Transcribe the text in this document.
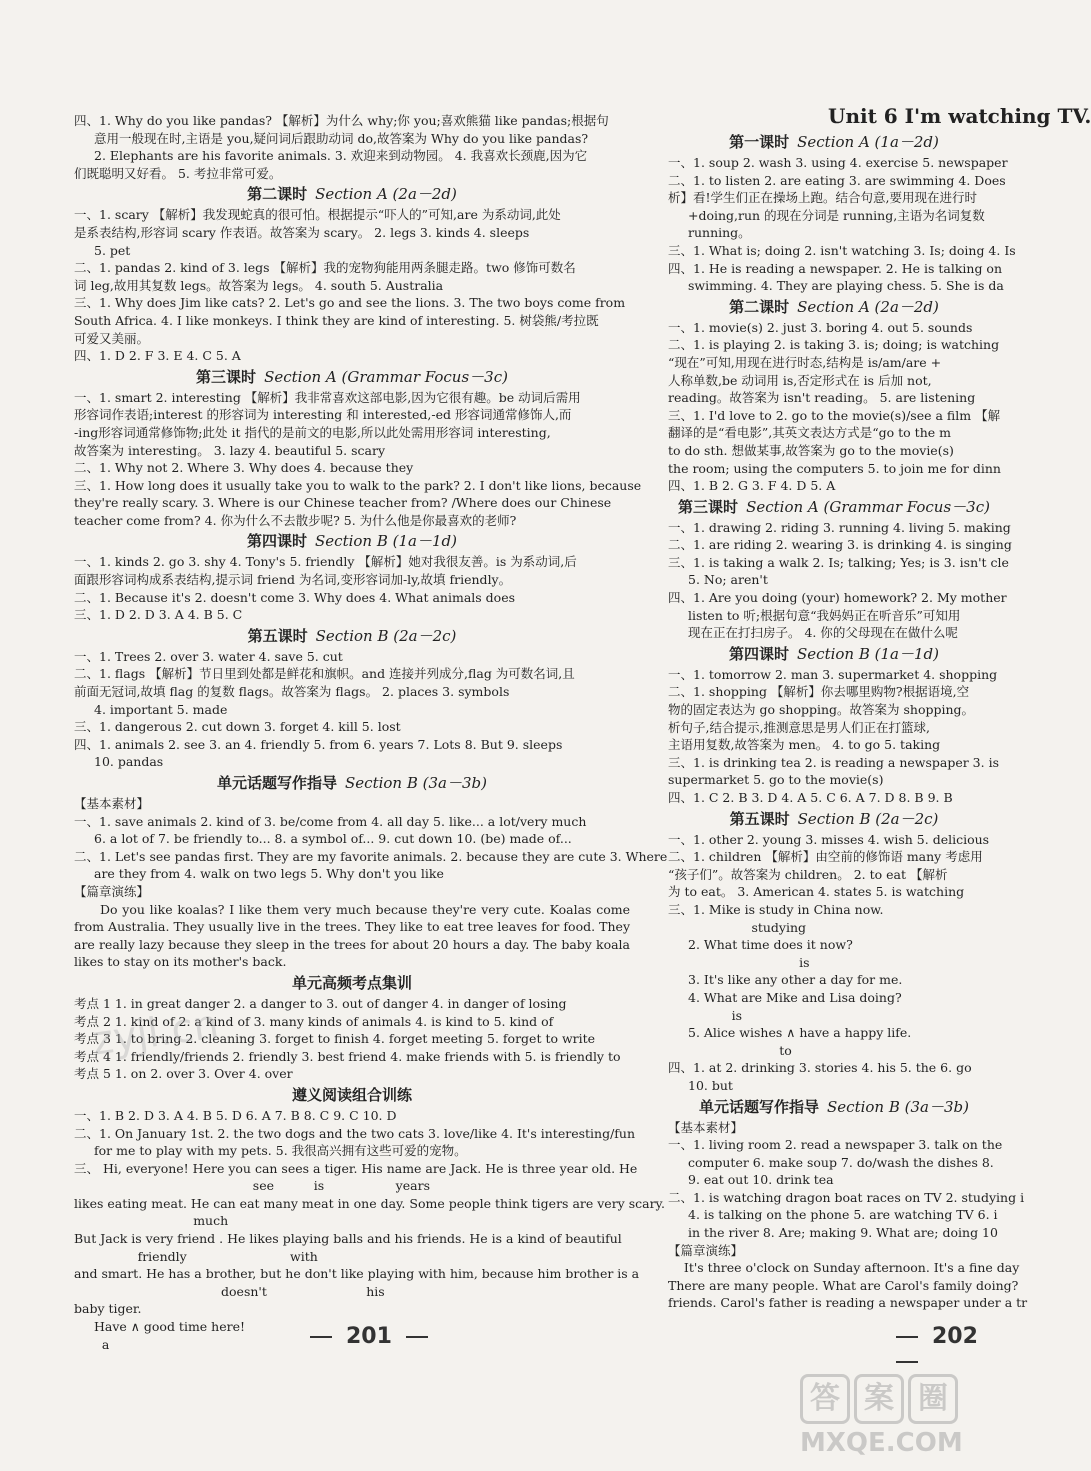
四、1. Why do you like pandas? 【解析】为什么 why;你 you;喜欢熊猫 like pandas;根据句
意用一般现在时,主语是 you,疑问词后跟助动词 do,故答案为 Why do you like pandas?
2. Elephants are his favorite animals. 3. 欢迎来到动物园。 4. 我喜欢长颈鹿,因为它
们既聪明又好看。 5. 考拉非常可爱。
第二课时 Section A (2a－2d)
一、1. scary 【解析】我发现蛇真的很可怕。根据提示“吓人的”可知,are 为系动词,此处
是系表结构,形容词 scary 作表语。故答案为 scary。 2. legs 3. kinds 4. sleeps
5. pet
二、1. pandas 2. kind of 3. legs 【解析】我的宠物狗能用两条腿走路。two 修饰可数名
词 leg,故用其复数 legs。故答案为 legs。 4. south 5. Australia
三、1. Why does Jim like cats? 2. Let's go and see the lions. 3. The two boys come from
South Africa. 4. I like monkeys. I think they are kind of interesting. 5. 树袋熊/考拉既
可爱又美丽。
四、1. D 2. F 3. E 4. C 5. A
第三课时 Section A (Grammar Focus－3c)
一、1. smart 2. interesting 【解析】我非常喜欢这部电影,因为它很有趣。be 动词后需用
形容词作表语;interest 的形容词为 interesting 和 interested,-ed 形容词通常修饰人,而
-ing形容词通常修饰物;此处 it 指代的是前文的电影,所以此处需用形容词 interesting,
故答案为 interesting。 3. lazy 4. beautiful 5. scary
二、1. Why not 2. Where 3. Why does 4. because they
三、1. How long does it usually take you to walk to the park? 2. I don't like lions, because
they're really scary. 3. Where is our Chinese teacher from? /Where does our Chinese
teacher come from? 4. 你为什么不去散步呢? 5. 为什么他是你最喜欢的老师?
第四课时 Section B (1a－1d)
一、1. kinds 2. go 3. shy 4. Tony's 5. friendly 【解析】她对我很友善。is 为系动词,后
面跟形容词构成系表结构,提示词 friend 为名词,变形容词加-ly,故填 friendly。
二、1. Because it's 2. doesn't come 3. Why does 4. What animals does
三、1. D 2. D 3. A 4. B 5. C
第五课时 Section B (2a－2c)
一、1. Trees 2. over 3. water 4. save 5. cut
二、1. flags 【解析】节日里到处都是鲜花和旗帜。and 连接并列成分,flag 为可数名词,且
前面无冠词,故填 flag 的复数 flags。故答案为 flags。 2. places 3. symbols
4. important 5. made
三、1. dangerous 2. cut down 3. forget 4. kill 5. lost
四、1. animals 2. see 3. an 4. friendly 5. from 6. years 7. Lots 8. But 9. sleeps
10. pandas
单元话题写作指导 Section B (3a－3b)
【基本素材】
一、1. save animals 2. kind of 3. be/come from 4. all day 5. like... a lot/very much
6. a lot of 7. be friendly to... 8. a symbol of... 9. cut down 10. (be) made of...
二、1. Let's see pandas first. They are my favorite animals. 2. because they are cute 3. Where
are they from 4. walk on two legs 5. Why don't you like
【篇章演练】
Do you like koalas? I like them very much because they're very cute. Koalas come from Australia. They usually live in the trees. They like to eat tree leaves for food. They are really lazy because they sleep in the trees for about 20 hours a day. The baby koala likes to stay on its mother's back.
单元高频考点集训
考点 1 1. in great danger 2. a danger to 3. out of danger 4. in danger of losing
考点 2 1. kind of 2. a kind of 3. many kinds of animals 4. is kind to 5. kind of
考点 3 1. to bring 2. cleaning 3. forget to finish 4. forget meeting 5. forget to write
考点 4 1. friendly/friends 2. friendly 3. best friend 4. make friends with 5. is friendly to
考点 5 1. on 2. over 3. Over 4. over
遵义阅读组合训练
一、1. B 2. D 3. A 4. B 5. D 6. A 7. B 8. C 9. C 10. D
二、1. On January 1st. 2. the two dogs and the two cats 3. love/like 4. It's interesting/fun
for me to play with my pets. 5. 我很高兴拥有这些可爱的宠物。
三、 Hi, everyone! Here you can sees a tiger. His name are Jack. He is three year old. He
see          is                  years
likes eating meat. He can eat many meat in one day. Some people think tigers are very scary.
much
But Jack is very friend . He likes playing balls and his friends. He is a kind of beautiful
friendly                          with
and smart. He has a brother, but he don't like playing with him, because him brother is a
doesn't                         his
baby tiger.
Have ∧ good time here!
a
Unit 6 I'm watching TV.
第一课时 Section A (1a－2d)
一、1. soup 2. wash 3. using 4. exercise 5. newspaper
二、1. to listen 2. are eating 3. are swimming 4. Does
析】看!学生们正在操场上跑。结合句意,要用现在进行时
+doing,run 的现在分词是 running,主语为名词复数
running。
三、1. What is; doing 2. isn't watching 3. Is; doing 4. Is
四、1. He is reading a newspaper. 2. He is talking on
swimming. 4. They are playing chess. 5. She is da
第二课时 Section A (2a－2d)
一、1. movie(s) 2. just 3. boring 4. out 5. sounds
二、1. is playing 2. is taking 3. is; doing; is watching
“现在”可知,用现在进行时态,结构是 is/am/are +
人称单数,be 动词用 is,否定形式在 is 后加 not,
reading。故答案为 isn't reading。 5. are listening
三、1. I'd love to 2. go to the movie(s)/see a film 【解
翻译的是“看电影”,其英文表达方式是“go to the m
to do sth. 想做某事,故答案为 go to the movie(s)
the room; using the computers 5. to join me for dinn
四、1. B 2. G 3. F 4. D 5. A
第三课时 Section A (Grammar Focus－3c)
一、1. drawing 2. riding 3. running 4. living 5. making
二、1. are riding 2. wearing 3. is drinking 4. is singing
三、1. is taking a walk 2. Is; talking; Yes; is 3. isn't cle
5. No; aren't
四、1. Are you doing (your) homework? 2. My mother
listen to 听;根据句意“我妈妈正在听音乐”可知用
现在正在打扫房子。 4. 你的父母现在在做什么呢
第四课时 Section B (1a－1d)
一、1. tomorrow 2. man 3. supermarket 4. shopping
二、1. shopping 【解析】你去哪里购物?根据语境,空
物的固定表达为 go shopping。故答案为 shopping。
析句子,结合提示,推测意思是男人们正在打篮球,
主语用复数,故答案为 men。 4. to go 5. taking
三、1. is drinking tea 2. is reading a newspaper 3. is
supermarket 5. go to the movie(s)
四、1. C 2. B 3. D 4. A 5. C 6. A 7. D 8. B 9. B
第五课时 Section B (2a－2c)
一、1. other 2. young 3. misses 4. wish 5. delicious
二、1. children 【解析】由空前的修饰语 many 考虑用
“孩子们”。故答案为 children。 2. to eat 【解析
为 to eat。 3. American 4. states 5. is watching
三、1. Mike is study in China now.
studying
2. What time does it now?
is
3. It's like any other a day for me.
4. What are Mike and Lisa doing?
is
5. Alice wishes ∧ have a happy life.
to
四、1. at 2. drinking 3. stories 4. his 5. the 6. go
10. but
单元话题写作指导 Section B (3a－3b)
【基本素材】
一、1. living room 2. read a newspaper 3. talk on the
computer 6. make soup 7. do/wash the dishes 8.
9. eat out 10. drink tea
二、1. is watching dragon boat races on TV 2. studying i
4. is talking on the phone 5. are watching TV 6. i
in the river 8. Are; making 9. What are; doing 10
【篇章演练】
It's three o'clock on Sunday afternoon. It's a fine day
There are many people. What are Carol's family doing?
friends. Carol's father is reading a newspaper under a tr
201	202
zyjl.cn
答 案 圈
MXQE.COM
